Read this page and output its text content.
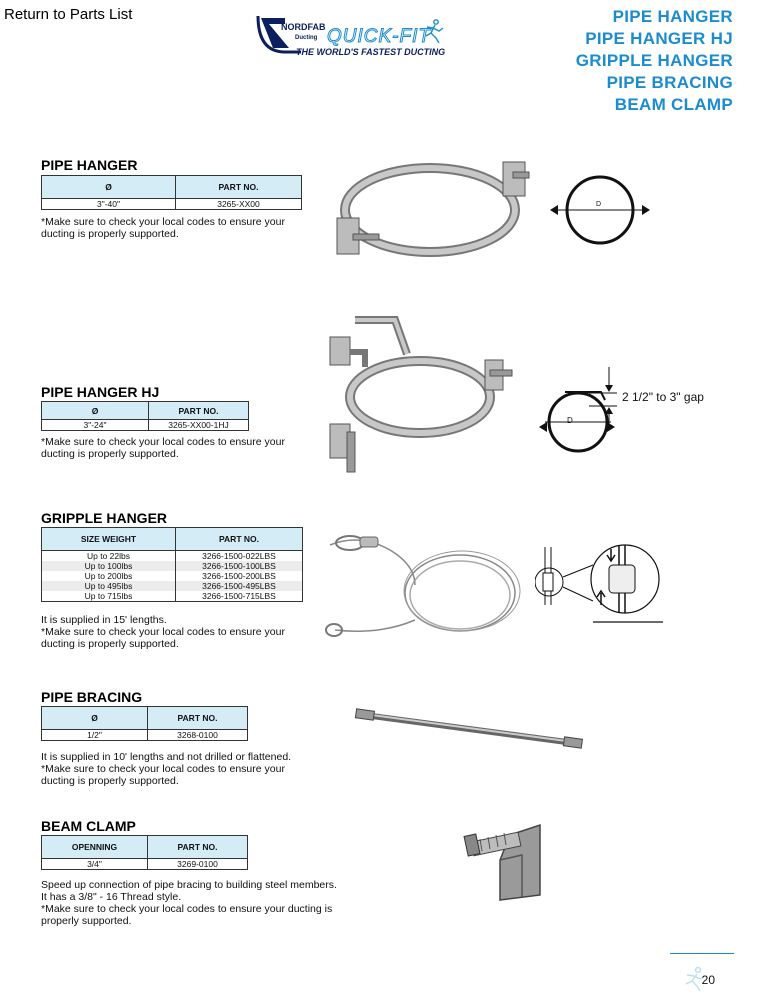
Return to Parts List
NORDFAB
Ducting QUICK-FIT
THE WORLD'S FASTEST DUCTING
PIPE HANGER
PIPE HANGER HJ
GRIPPLE HANGER
PIPE BRACING
BEAM CLAMP
PIPE HANGER
Ø	PART NO.
3"-40"	3265-XX00
*Make sure to check your local codes to ensure your
ducting is properly supported.
D
PIPE HANGER HJ
Ø	PART NO.
3"-24"	3265-XX00-1HJ
*Make sure to check your local codes to ensure your
ducting is properly supported.
D
2 1/2" to 3" gap
GRIPPLE HANGER
SIZE WEIGHT	PART NO.
Up to 22lbs	3266-1500-022LBS
Up to 100lbs	3266-1500-100LBS
Up to 200lbs	3266-1500-200LBS
Up to 495lbs	3266-1500-495LBS
Up to 715lbs	3266-1500-715LBS
It is supplied in 15' lengths.
*Make sure to check your local codes to ensure your
ducting is properly supported.
PIPE BRACING
Ø	PART NO.
1/2"	3268-0100
It is supplied in 10' lengths and not drilled or flattened.
*Make sure to check your local codes to ensure your
ducting is properly supported.
BEAM CLAMP
OPENNING	PART NO.
3/4"	3269-0100
Speed up connection of pipe bracing to building steel members.
It has a 3/8" - 16 Thread style.
*Make sure to check your local codes to ensure your ducting is
properly supported.
20
